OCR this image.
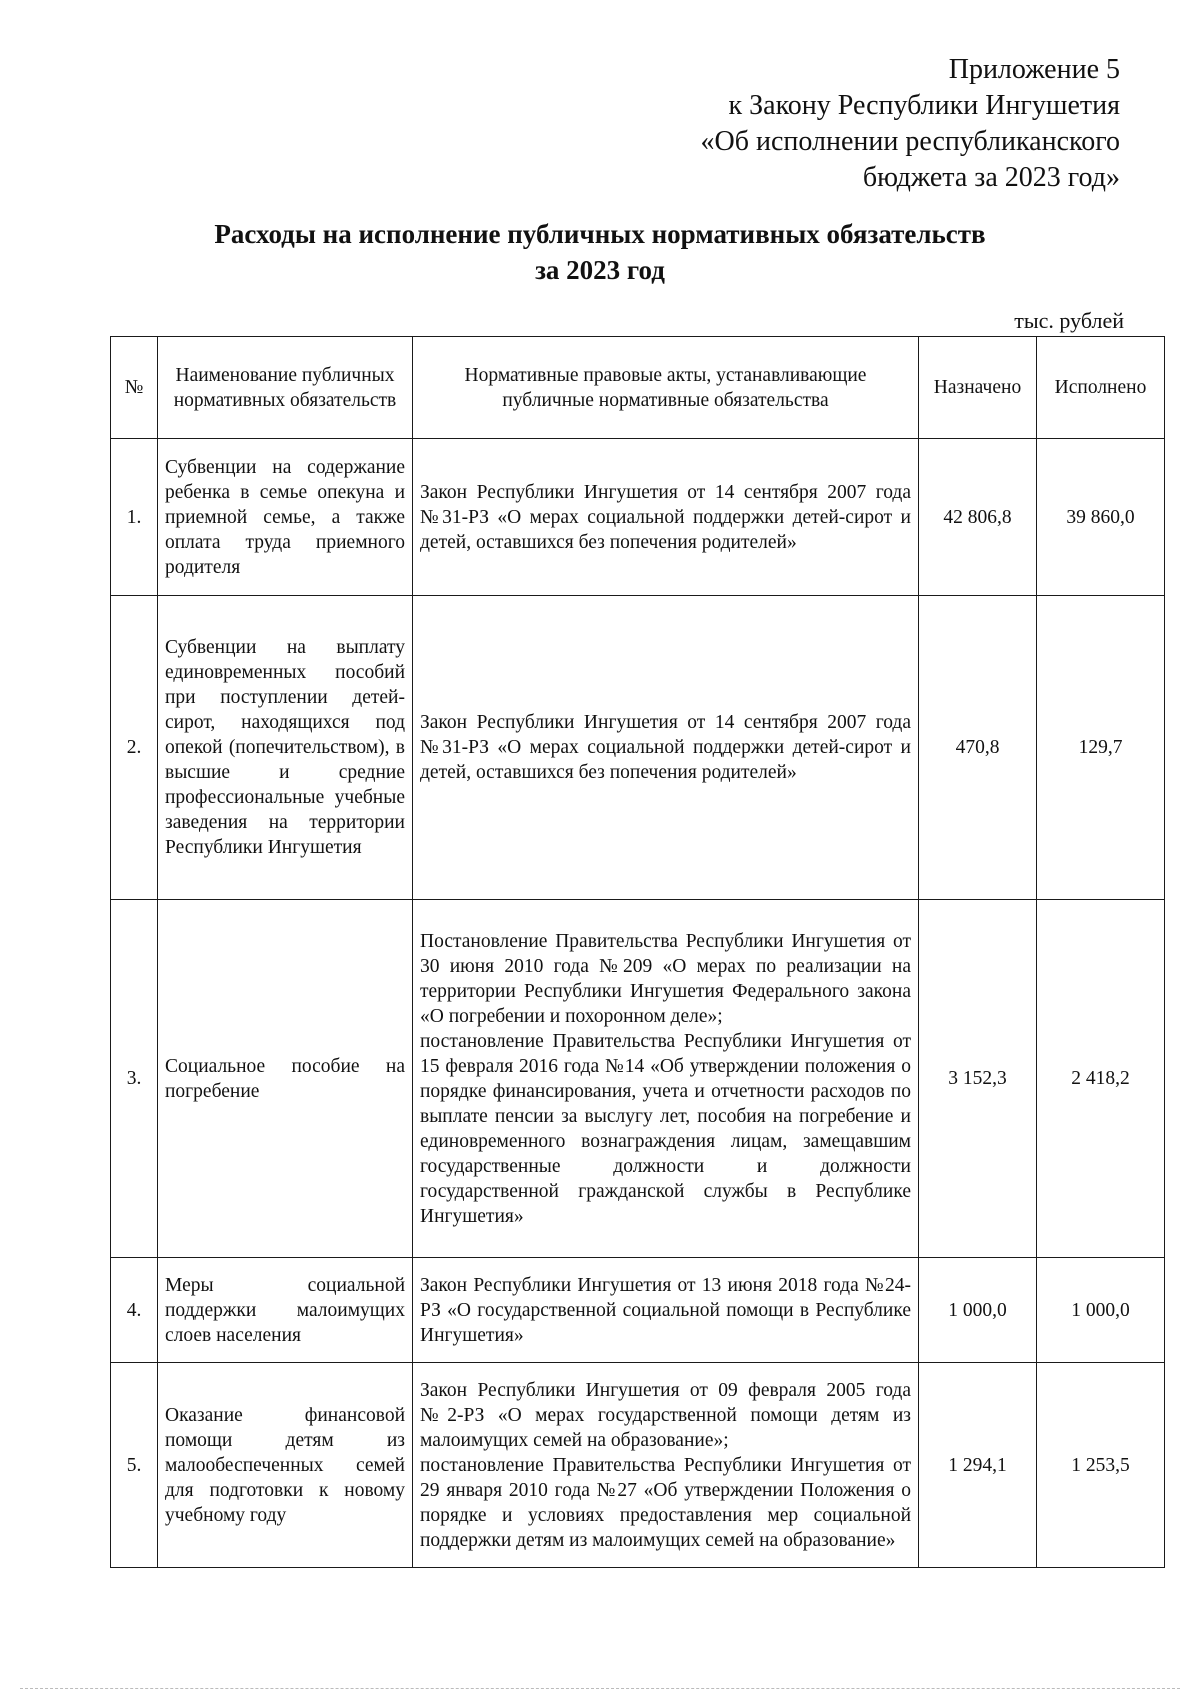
Приложение 5
к Закону Республики Ингушетия
«Об исполнении республиканского
бюджета за 2023 год»
Расходы на исполнение публичных нормативных обязательств
за 2023 год
тыс. рублей
№	Наименование публичных нормативных обязательств	Нормативные правовые акты, устанавливающие публичные нормативные обязательства	Назначено	Исполнено
1.	Субвенции на содержание ребенка в семье опекуна и приемной семье, а также оплата труда приемного родителя	Закон Республики Ингушетия от 14 сентября 2007 года №31-РЗ «О мерах социальной поддержки детей-сирот и детей, оставшихся без попечения родителей»	42 806,8	39 860,0
2.	Субвенции на выплату единовременных пособий при поступлении детей-сирот, находящихся под опекой (попечительством), в высшие и средние профессиональные учебные заведения на территории Республики Ингушетия	Закон Республики Ингушетия от 14 сентября 2007 года №31-РЗ «О мерах социальной поддержки детей-сирот и детей, оставшихся без попечения родителей»	470,8	129,7
3.	Социальное пособие на погребение	Постановление Правительства Республики Ингушетия от 30 июня 2010 года №209 «О мерах по реализации на территории Республики Ингушетия Федерального закона «О погребении и похоронном деле»;

постановление Правительства Республики Ингушетия от 15 февраля 2016 года №14 «Об утверждении положения о порядке финансирования, учета и отчетности расходов по выплате пенсии за выслугу лет, пособия на погребение и единовременного вознаграждения лицам, замещавшим государственные должности и должности государственной гражданской службы в Республике Ингушетия»	3 152,3	2 418,2
4.	Меры социальной поддержки малоимущих слоев населения	Закон Республики Ингушетия от 13 июня 2018 года №24-РЗ «О государственной социальной помощи в Республике Ингушетия»	1 000,0	1 000,0
5.	Оказание финансовой помощи детям из малообеспеченных семей для подготовки к новому учебному году	Закон Республики Ингушетия от 09 февраля 2005 года №2-РЗ «О мерах государственной помощи детям из малоимущих семей на образование»;

постановление Правительства Республики Ингушетия от 29 января 2010 года №27 «Об утверждении Положения о порядке и условиях предоставления мер социальной поддержки детям из малоимущих семей на образование»	1 294,1	1 253,5
